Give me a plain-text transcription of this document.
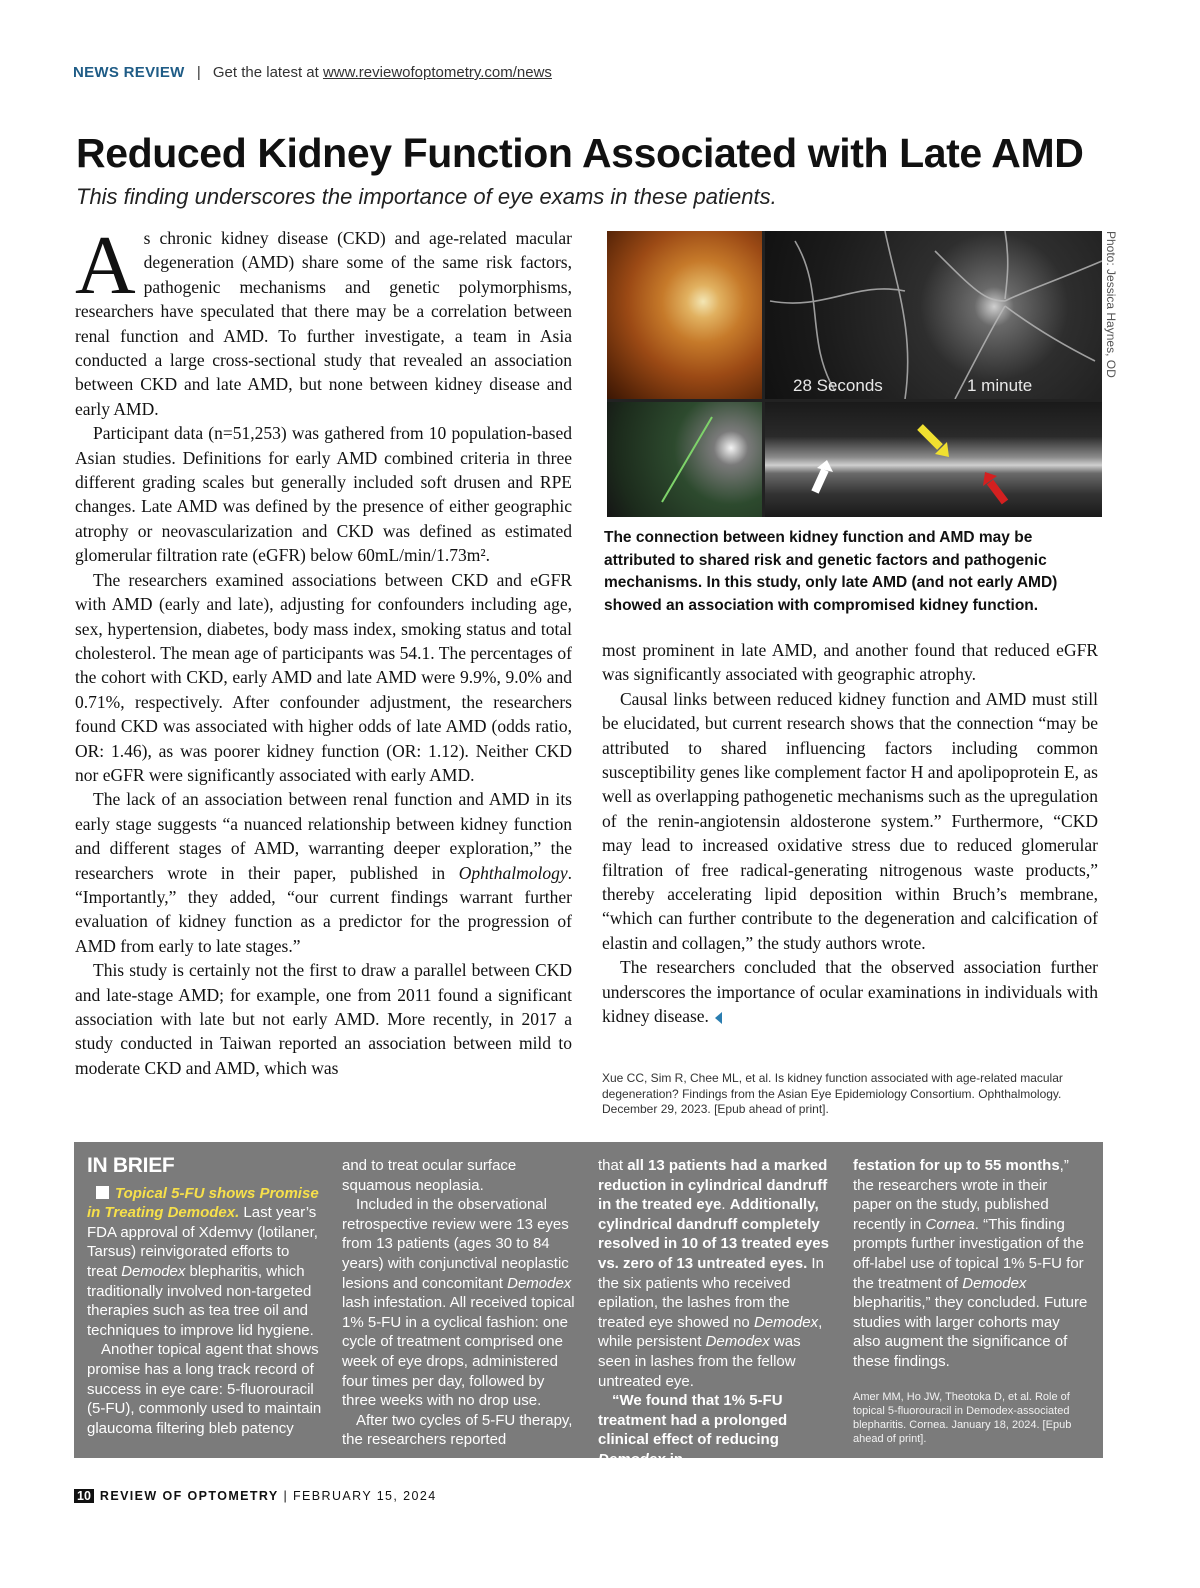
NEWS REVIEW | Get the latest at www.reviewofoptometry.com/news
Reduced Kidney Function Associated with Late AMD
This finding underscores the importance of eye exams in these patients.

As chronic kidney disease (CKD) and age-related macular degeneration (AMD) share some of the same risk factors, pathogenic mechanisms and genetic polymorphisms, researchers have speculated that there may be a correlation between renal function and AMD. To further investigate, a team in Asia conducted a large cross-sectional study that revealed an association between CKD and late AMD, but none between kidney disease and early AMD.

Participant data (n=51,253) was gathered from 10 population-based Asian studies. Definitions for early AMD combined criteria in three different grading scales but generally included soft drusen and RPE changes. Late AMD was defined by the presence of either geographic atrophy or neovascularization and CKD was defined as estimated glomerular filtration rate (eGFR) below 60mL/min/1.73m².

The researchers examined associations between CKD and eGFR with AMD (early and late), adjusting for confounders including age, sex, hypertension, diabetes, body mass index, smoking status and total cholesterol. The mean age of participants was 54.1. The percentages of the cohort with CKD, early AMD and late AMD were 9.9%, 9.0% and 0.71%, respectively. After confounder adjustment, the researchers found CKD was associated with higher odds of late AMD (odds ratio, OR: 1.46), as was poorer kidney function (OR: 1.12). Neither CKD nor eGFR were significantly associated with early AMD.

The lack of an association between renal function and AMD in its early stage suggests “a nuanced relationship between kidney function and different stages of AMD, warranting deeper exploration,” the researchers wrote in their paper, published in Ophthalmology. “Importantly,” they added, “our current findings warrant further evaluation of kidney function as a predictor for the progression of AMD from early to late stages.”

This study is certainly not the first to draw a parallel between CKD and late-stage AMD; for example, one from 2011 found a significant association with late but not early AMD. More recently, in 2017 a study conducted in Taiwan reported an association between mild to moderate CKD and AMD, which was

28 Seconds	1 minute
Photo: Jessica Haynes, OD
The connection between kidney function and AMD may be attributed to shared risk and genetic factors and pathogenic mechanisms. In this study, only late AMD (and not early AMD) showed an association with compromised kidney function.

most prominent in late AMD, and another found that reduced eGFR was significantly associated with geographic atrophy.

Causal links between reduced kidney function and AMD must still be elucidated, but current research shows that the connection “may be attributed to shared influencing factors including common susceptibility genes like complement factor H and apolipoprotein E, as well as overlapping pathogenetic mechanisms such as the upregulation of the renin-angiotensin aldosterone system.” Furthermore, “CKD may lead to increased oxidative stress due to reduced glomerular filtration of free radical-generating nitrogenous waste products,” thereby accelerating lipid deposition within Bruch’s membrane, “which can further contribute to the degeneration and calcification of elastin and collagen,” the study authors wrote.

The researchers concluded that the observed association further underscores the importance of ocular examinations in individuals with kidney disease.

Xue CC, Sim R, Chee ML, et al. Is kidney function associated with age-related macular degeneration? Findings from the Asian Eye Epidemiology Consortium. Ophthalmology. December 29, 2023. [Epub ahead of print].
IN BRIEF

Topical 5-FU shows Promise in Treating Demodex. Last year’s FDA approval of Xdemvy (lotilaner, Tarsus) reinvigorated efforts to treat Demodex blepharitis, which traditionally involved non-targeted therapies such as tea tree oil and techniques to improve lid hygiene.

Another topical agent that shows promise has a long track record of success in eye care: 5-fluorouracil (5-FU), commonly used to maintain glaucoma filtering bleb patency

and to treat ocular surface squamous neoplasia.

Included in the observational retrospective review were 13 eyes from 13 patients (ages 30 to 84 years) with conjunctival neoplastic lesions and concomitant Demodex lash infestation. All received topical 1% 5-FU in a cyclical fashion: one cycle of treatment comprised one week of eye drops, administered four times per day, followed by three weeks with no drop use.

After two cycles of 5-FU therapy, the researchers reported

that all 13 patients had a marked reduction in cylindrical dandruff in the treated eye. Additionally, cylindrical dandruff completely resolved in 10 of 13 treated eyes vs. zero of 13 untreated eyes. In the six patients who received epilation, the lashes from the treated eye showed no Demodex, while persistent Demodex was seen in lashes from the fellow untreated eye.

“We found that 1% 5-FU treatment had a prolonged clinical effect of reducing Demodex in-

festation for up to 55 months,” the researchers wrote in their paper on the study, published recently in Cornea. “This finding prompts further investigation of the off-label use of topical 1% 5-FU for the treatment of Demodex blepharitis,” they concluded. Future studies with larger cohorts may also augment the significance of these findings.

Amer MM, Ho JW, Theotoka D, et al. Role of topical 5-fluorouracil in Demodex-associated blepharitis. Cornea. January 18, 2024. [Epub ahead of print].

10 REVIEW OF OPTOMETRY | FEBRUARY 15, 2024
